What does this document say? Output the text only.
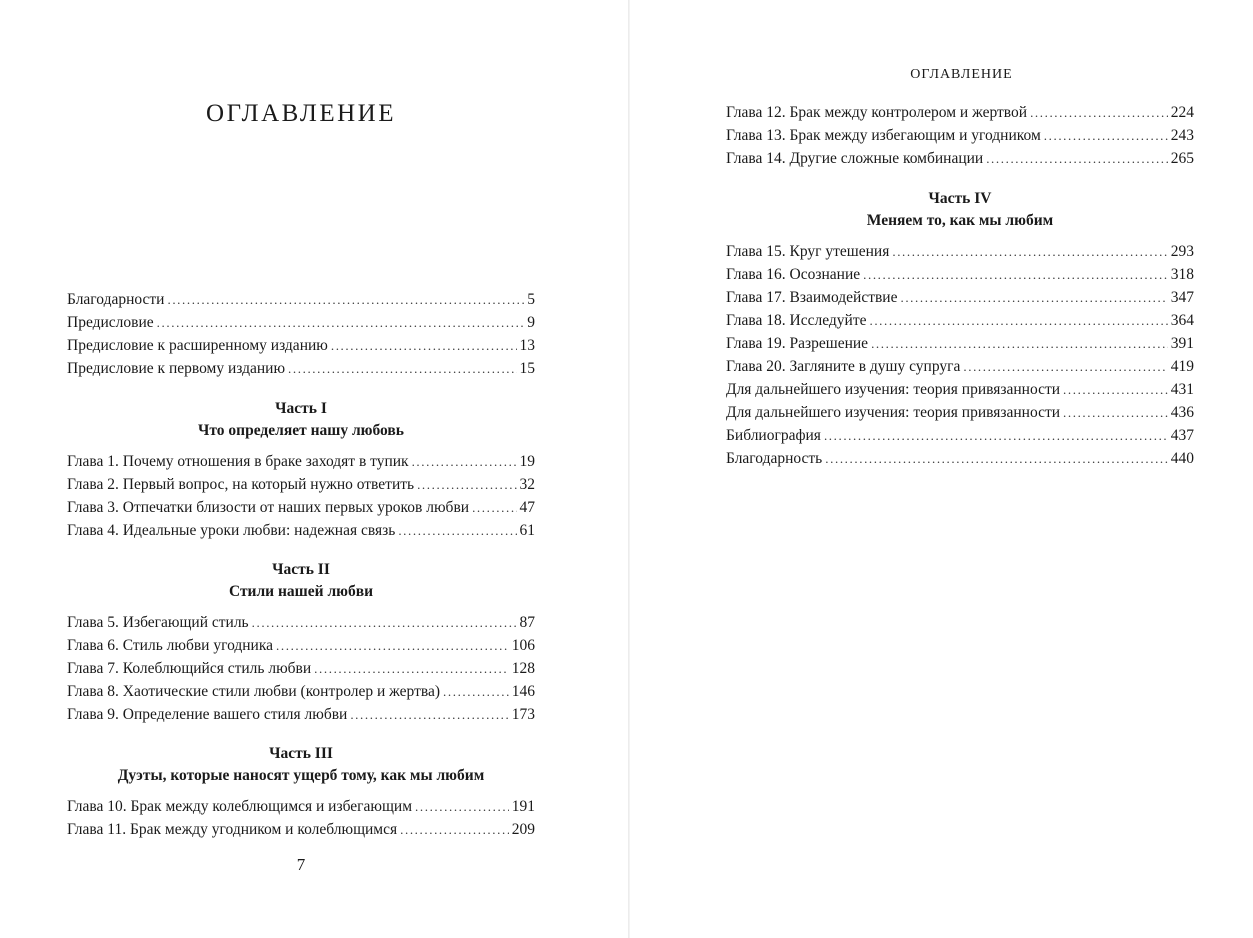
ОГЛАВЛЕНИЕ
ОГЛАВЛЕНИЕ
Благодарности .....	5
Предисловие .....	9
Предисловие к расширенному изданию .....	13
Предисловие к первому изданию .....	15
Часть I
Что определяет нашу любовь
Глава 1. Почему отношения в браке заходят в тупик .....	19
Глава 2. Первый вопрос, на который нужно ответить .....	32
Глава 3. Отпечатки близости от наших первых уроков любви .....	47
Глава 4. Идеальные уроки любви: надежная связь .....	61
Часть II
Стили нашей любви
Глава 5. Избегающий стиль .....	87
Глава 6. Стиль любви угодника .....	106
Глава 7. Колеблющийся стиль любви .....	128
Глава 8. Хаотические стили любви (контролер и жертва) .....	146
Глава 9. Определение вашего стиля любви .....	173
Часть III
Дуэты, которые наносят ущерб тому, как мы любим
Глава 10. Брак между колеблющимся и избегающим .....	191
Глава 11. Брак между угодником и колеблющимся .....	209
7
Глава 12. Брак между контролером и жертвой .....	224
Глава 13. Брак между избегающим и угодником .....	243
Глава 14. Другие сложные комбинации .....	265
Часть IV
Меняем то, как мы любим
Глава 15. Круг утешения .....	293
Глава 16. Осознание .....	318
Глава 17. Взаимодействие .....	347
Глава 18. Исследуйте .....	364
Глава 19. Разрешение .....	391
Глава 20. Загляните в душу супруга .....	419
Для дальнейшего изучения: теория привязанности .....	431
Для дальнейшего изучения: теория привязанности .....	436
Библиография .....	437
Благодарность .....	440
